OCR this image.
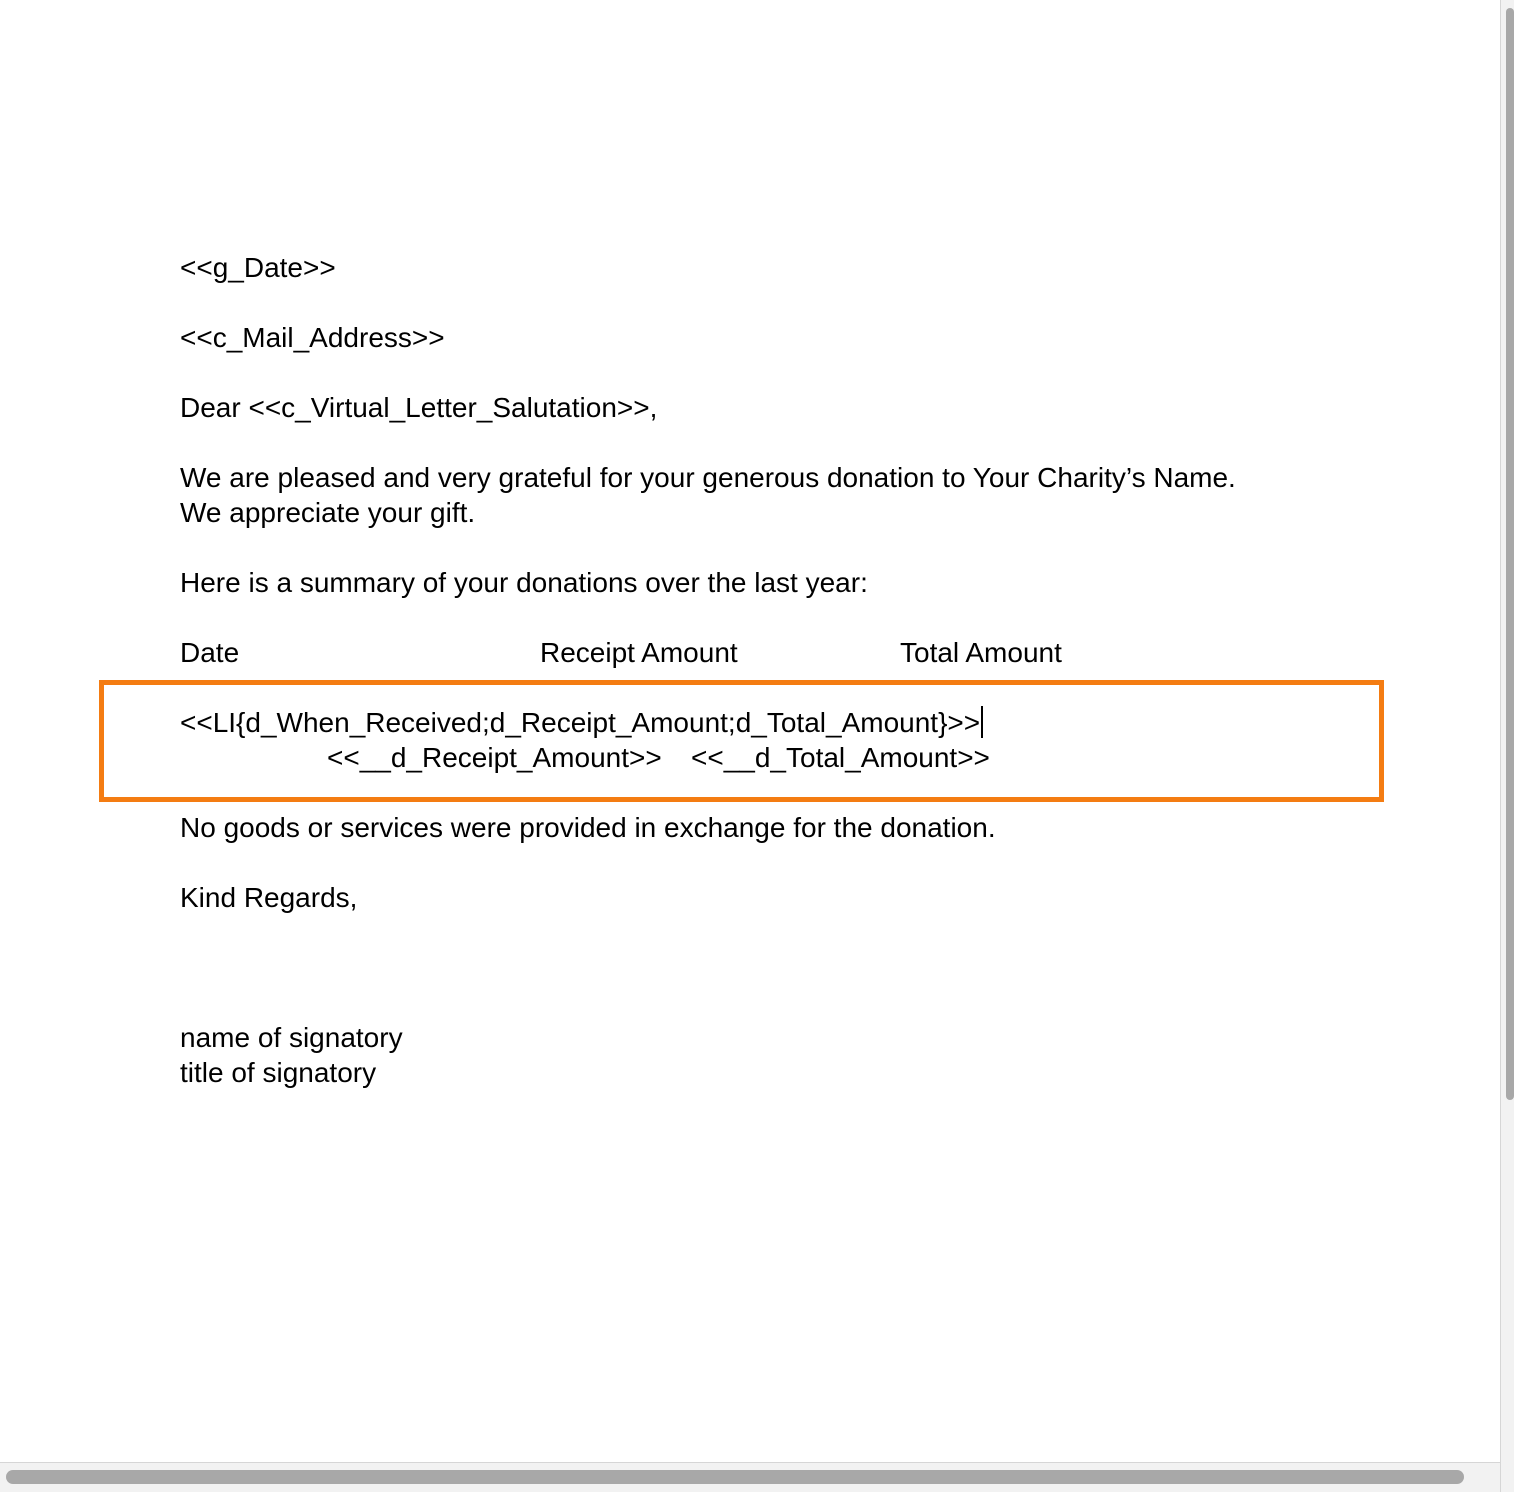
<<g_Date>>
<<c_Mail_Address>>
Dear <<c_Virtual_Letter_Salutation>>,
We are pleased and very grateful for your generous donation to Your Charity’s Name.
We appreciate your gift.
Here is a summary of your donations over the last year:
Date	Receipt Amount	Total Amount
<<LI{d_When_Received;d_Receipt_Amount;d_Total_Amount}>>
<<__d_Receipt_Amount>> <<__d_Total_Amount>>
No goods or services were provided in exchange for the donation.
Kind Regards,
name of signatory
title of signatory
